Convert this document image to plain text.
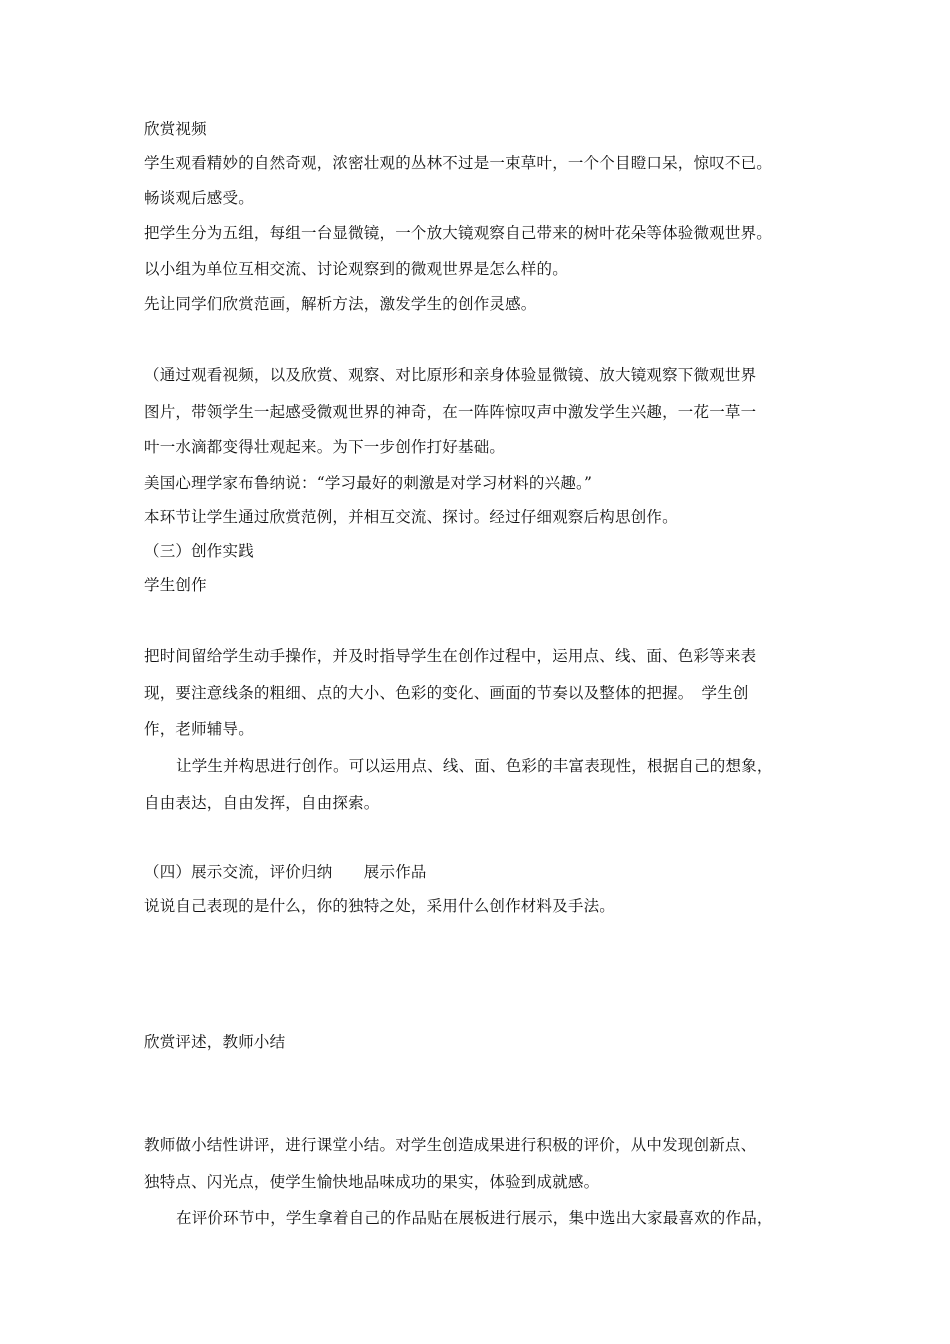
欣赏视频
学生观看精妙的自然奇观，浓密壮观的丛林不过是一束草叶，一个个目瞪口呆，惊叹不已。
畅谈观后感受。
把学生分为五组，每组一台显微镜，一个放大镜观察自己带来的树叶花朵等体验微观世界。
以小组为单位互相交流、讨论观察到的微观世界是怎么样的。
先让同学们欣赏范画，解析方法，激发学生的创作灵感。
（通过观看视频，以及欣赏、观察、对比原形和亲身体验显微镜、放大镜观察下微观世界
图片，带领学生一起感受微观世界的神奇，在一阵阵惊叹声中激发学生兴趣，一花一草一
叶一水滴都变得壮观起来。为下一步创作打好基础。
美国心理学家布鲁纳说：“学习最好的刺激是对学习材料的兴趣。”
本环节让学生通过欣赏范例，并相互交流、探讨。经过仔细观察后构思创作。
（三）创作实践
学生创作
把时间留给学生动手操作，并及时指导学生在创作过程中，运用点、线、面、色彩等来表
现，要注意线条的粗细、点的大小、色彩的变化、画面的节奏以及整体的把握。　学生创
作，老师辅导。
让学生并构思进行创作。可以运用点、线、面、色彩的丰富表现性，根据自己的想象，
自由表达，自由发挥，自由探索。
（四）展示交流，评价归纳　　展示作品
说说自己表现的是什么，你的独特之处，采用什么创作材料及手法。
欣赏评述，教师小结
教师做小结性讲评，进行课堂小结。对学生创造成果进行积极的评价，从中发现创新点、
独特点、闪光点，使学生愉快地品味成功的果实，体验到成就感。
在评价环节中，学生拿着自己的作品贴在展板进行展示，集中选出大家最喜欢的作品，
